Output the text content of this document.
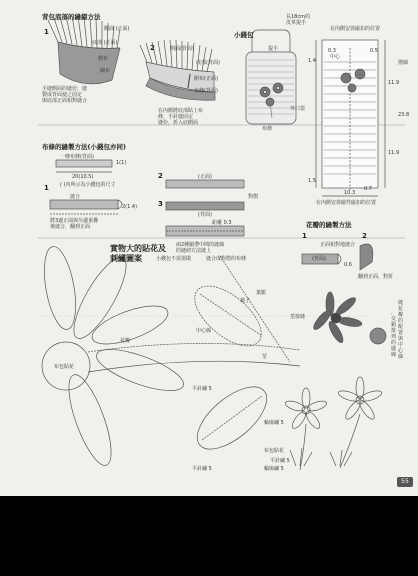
背包底部的縫綴方法
小錢包
布條的縫製方法(小錢包亦同)
花瓣的縫製方法
實物大的貼花及
刺繡圖案
1
2
1
2
3
1	2
側面 (正面)
底部 (正面)
側布
細布
側面(背面)
底部(背面)
側布(正面)
布條(背面)
手縫側面的縫份，縫
製成背面使之固定
與底部正面相對縫合
在內側將底部貼上布
條，手針縫固定
縫份，折入底側面
長18cm的
皮革提手
提手
布條
外口袋
在內側安裝磁扣的位置
在內側安裝磁性磁扣的位置
中心
0.3	0.5
1.4
11.9
23.8
11.9
1.5
0.7
10.3
摺線
一條布條(背面)
1(1)
20(10.5)
( )內所示為小錢包的尺寸
縫合
將3邊正面與另邊重疊
後縫合，翻到正面
2(1.4)
(正面)
對摺
(背面)
距離 0.3
兩2種緞帶中間的縫線
的縫紉方法縫上
小錢包不需要做	縫合成對摺的布條
正面相對地縫合
(背面)
0.6
翻到正面，對折
花瓣
葉子
中心線
莖
葉脈
平針繡 5
布包貼花
平針繡 5
輪廓繡 5
布包貼花
輪廓繡 5
莖接縫
平針繡 5
縫花瓣的配置與中心線
，交錯排列的縫線
55
